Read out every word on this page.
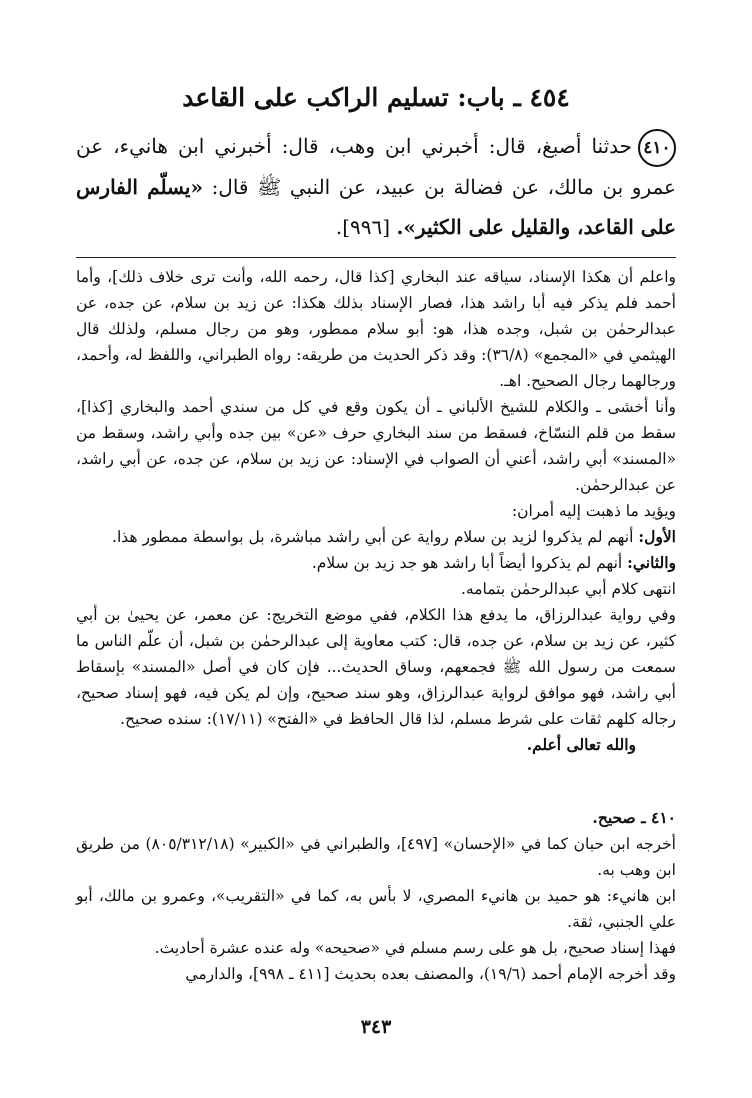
٤٥٤ ـ باب: تسليم الراكب على القاعد
٤١٠حدثنا أصبغ، قال: أخبرني ابن وهب، قال: أخبرني ابن هانيء، عن عمرو بن مالك، عن فضالة بن عبيد، عن النبي ﷺ قال: «يسلّم الفارس على القاعد، والقليل على الكثير». [٩٩٦].

واعلم أن هكذا الإسناد، سياقه عند البخاري [كذا قال، رحمه الله، وأنت ترى خلاف ذلك]، وأما أحمد فلم يذكر فيه أبا راشد هذا، فصار الإسناد بذلك هكذا: عن زيد بن سلام، عن جده، عن عبدالرحمٰن بن شبل، وجده هذا، هو: أبو سلام ممطور، وهو من رجال مسلم، ولذلك قال الهيثمي في «المجمع» (٣٦/٨): وقد ذكر الحديث من طريقه: رواه الطبراني، واللفظ له، وأحمد، ورجالهما رجال الصحيح. اهـ.

وأنا أخشى ـ والكلام للشيخ الألباني ـ أن يكون وقع في كل من سندي أحمد والبخاري [كذا]، سقط من قلم النسّاخ، فسقط من سند البخاري حرف «عن» بين جده وأبي راشد، وسقط من «المسند» أبي راشد، أعني أن الصواب في الإسناد: عن زيد بن سلام، عن جده، عن أبي راشد، عن عبدالرحمٰن.

ويؤيد ما ذهبت إليه أمران:

الأول: أنهم لم يذكروا لزيد بن سلام رواية عن أبي راشد مباشرة، بل بواسطة ممطور هذا.

والثاني: أنهم لم يذكروا أيضاً أبا راشد هو جد زيد بن سلام.

انتهى كلام أبي عبدالرحمٰن بتمامه.

وفي رواية عبدالرزاق، ما يدفع هذا الكلام، ففي موضع التخريج: عن معمر، عن يحيىٰ بن أبي كثير، عن زيد بن سلام، عن جده، قال: كتب معاوية إلى عبدالرحمٰن بن شبل، أن علّم الناس ما سمعت من رسول الله ﷺ فجمعهم، وساق الحديث... فإن كان في أصل «المسند» بإسقاط أبي راشد، فهو موافق لرواية عبدالرزاق، وهو سند صحيح، وإن لم يكن فيه، فهو إسناد صحيح، رجاله كلهم ثقات على شرط مسلم، لذا قال الحافظ في «الفتح» (١٧/١١): سنده صحيح.

والله تعالى أعلم.

٤١٠ ـ صحيح.

أخرجه ابن حبان كما في «الإحسان» [٤٩٧]، والطبراني في «الكبير» (٨٠٥/٣١٢/١٨) من طريق ابن وهب به.

ابن هانيء: هو حميد بن هانيء المصري، لا بأس به، كما في «التقريب»، وعمرو بن مالك، أبو علي الجنبي، ثقة.

فهذا إسناد صحيح، بل هو على رسم مسلم في «صحيحه» وله عنده عشرة أحاديث.

وقد أخرجه الإمام أحمد (١٩/٦)، والمصنف بعده بحديث [٤١١ ـ ٩٩٨]، والدارمي

٣٤٣
